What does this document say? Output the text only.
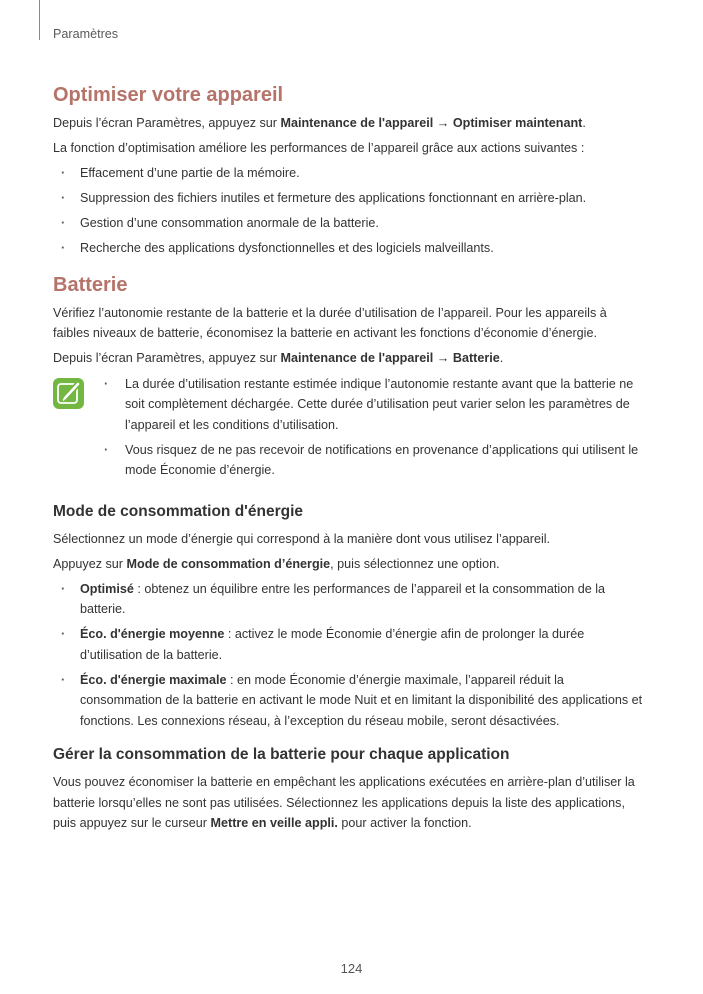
Paramètres
Optimiser votre appareil

Depuis l’écran Paramètres, appuyez sur Maintenance de l'appareil → Optimiser maintenant.

La fonction d’optimisation améliore les performances de l’appareil grâce aux actions suivantes :

· Effacement d’une partie de la mémoire.
· Suppression des fichiers inutiles et fermeture des applications fonctionnant en arrière-plan.
· Gestion d’une consommation anormale de la batterie.
· Recherche des applications dysfonctionnelles et des logiciels malveillants.
Batterie

Vérifiez l’autonomie restante de la batterie et la durée d’utilisation de l’appareil. Pour les appareils à faibles niveaux de batterie, économisez la batterie en activant les fonctions d’économie d’énergie.

Depuis l’écran Paramètres, appuyez sur Maintenance de l'appareil → Batterie.

· La durée d’utilisation restante estimée indique l’autonomie restante avant que la batterie ne soit complètement déchargée. Cette durée d’utilisation peut varier selon les paramètres de l’appareil et les conditions d’utilisation.
· Vous risquez de ne pas recevoir de notifications en provenance d’applications qui utilisent le mode Économie d’énergie.
Mode de consommation d'énergie

Sélectionnez un mode d’énergie qui correspond à la manière dont vous utilisez l’appareil.

Appuyez sur Mode de consommation d’énergie, puis sélectionnez une option.

· Optimisé : obtenez un équilibre entre les performances de l’appareil et la consommation de la batterie.
· Éco. d'énergie moyenne : activez le mode Économie d’énergie afin de prolonger la durée d’utilisation de la batterie.
· Éco. d'énergie maximale : en mode Économie d’énergie maximale, l’appareil réduit la consommation de la batterie en activant le mode Nuit et en limitant la disponibilité des applications et fonctions. Les connexions réseau, à l’exception du réseau mobile, seront désactivées.
Gérer la consommation de la batterie pour chaque application

Vous pouvez économiser la batterie en empêchant les applications exécutées en arrière-plan d’utiliser la batterie lorsqu’elles ne sont pas utilisées. Sélectionnez les applications depuis la liste des applications, puis appuyez sur le curseur Mettre en veille appli. pour activer la fonction.

124
